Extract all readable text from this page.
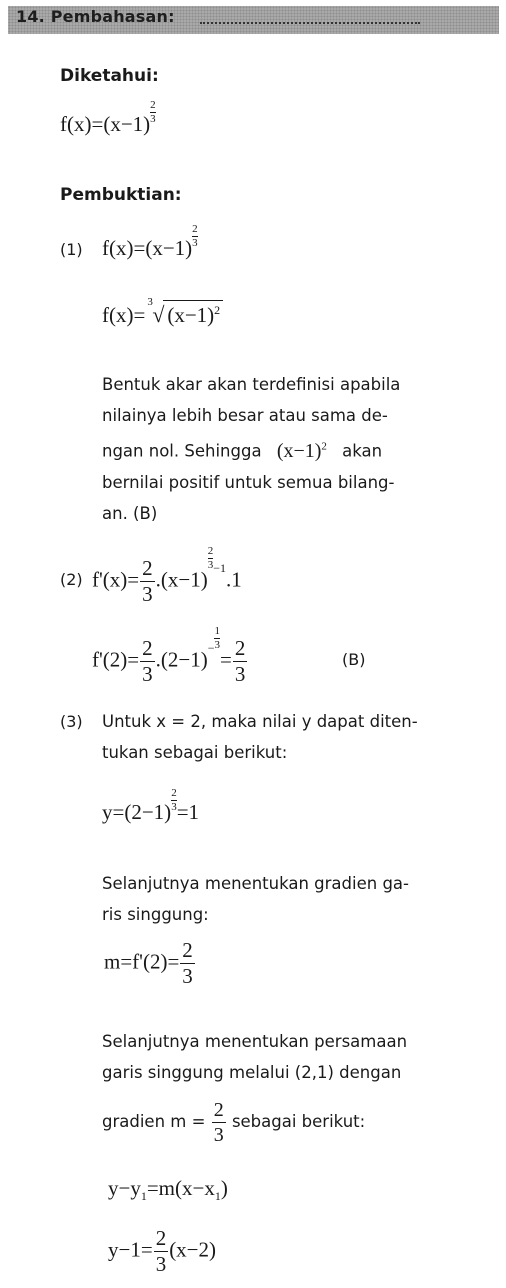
14. Pembahasan:
Diketahui:
$f(x)=(x-1) \frac{2}{3}$
Pembuktian:
(1) $f(x)=(x-1) \frac{2}{3}$
f(x)=
3 √ $(x-1)^2$
Bentuk akar akan terdefinisi apabila
nilainya lebih besar atau sama de-
ngan nol. Sehingga $(x-1)^2$ akan
bernilai positif untuk semua bilang-
an. (B)
(2) $f'(x)= \frac{2}{3} .(x-1)$
$\frac{2}{3} ^{-1}.1$
$f'(2)= \frac{2}{3} .(2-1)^- \frac{1}{3}$
= $\frac{2}{3}$	(B)
(3) Untuk x = 2, maka nilai y dapat diten-
tukan sebagai berikut:
$y=(2-1) \frac{2}{3} =1$
Selanjutnya menentukan gradien ga-
ris singgung:
$m=f'(2)= \frac{2}{3}$
Selanjutnya menentukan persamaan
garis singgung melalui (2,1) dengan
gradien $m = \frac{2}{3}$ sebagai berikut:
$y-y_1=m(x-x_1)$
$y-1= \frac{2}{3} (x-2)$
